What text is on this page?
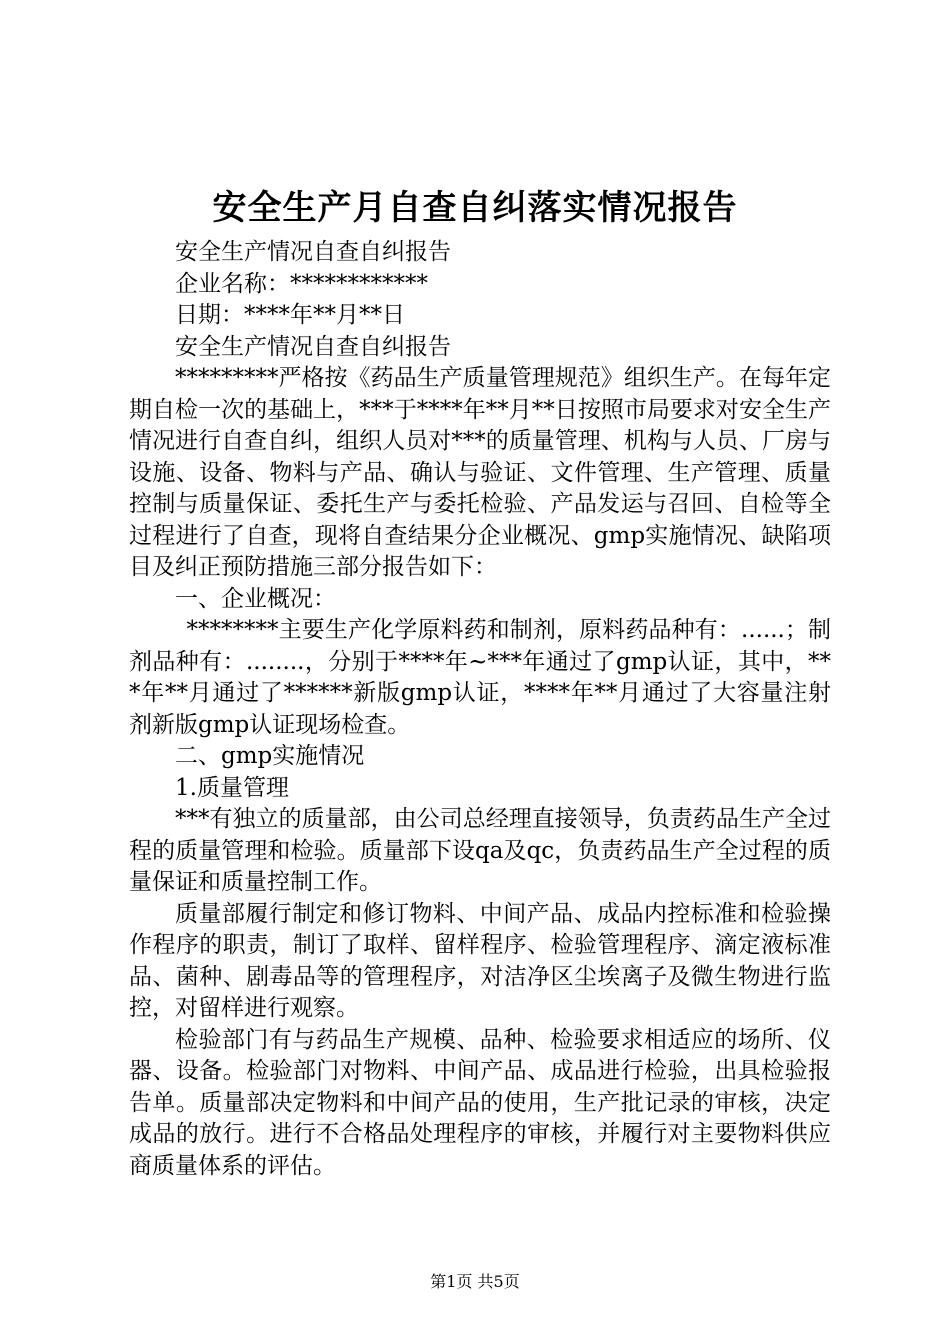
安全生产月自查自纠落实情况报告

安全生产情况自查自纠报告

企业名称：************

日期：****年**月**日

安全生产情况自查自纠报告

*********严格按《药品生产质量管理规范》组织生产。在每年定期自检一次的基础上，***于****年**月**日按照市局要求对安全生产情况进行自查自纠，组织人员对***的质量管理、机构与人员、厂房与设施、设备、物料与产品、确认与验证、文件管理、生产管理、质量控制与质量保证、委托生产与委托检验、产品发运与召回、自检等全过程进行了自查，现将自查结果分企业概况、gmp实施情况、缺陷项目及纠正预防措施三部分报告如下：

一、企业概况：

********主要生产化学原料药和制剂，原料药品种有：......；制剂品种有：........，分别于****年~***年通过了gmp认证，其中，***年**月通过了******新版gmp认证，****年**月通过了大容量注射剂新版gmp认证现场检查。

二、gmp实施情况

1.质量管理

***有独立的质量部，由公司总经理直接领导，负责药品生产全过程的质量管理和检验。质量部下设qa及qc，负责药品生产全过程的质量保证和质量控制工作。

质量部履行制定和修订物料、中间产品、成品内控标准和检验操作程序的职责，制订了取样、留样程序、检验管理程序、滴定液标准品、菌种、剧毒品等的管理程序，对洁净区尘埃离子及微生物进行监控，对留样进行观察。

检验部门有与药品生产规模、品种、检验要求相适应的场所、仪器、设备。检验部门对物料、中间产品、成品进行检验，出具检验报告单。质量部决定物料和中间产品的使用，生产批记录的审核，决定成品的放行。进行不合格品处理程序的审核，并履行对主要物料供应商质量体系的评估。

第1页 共5页
